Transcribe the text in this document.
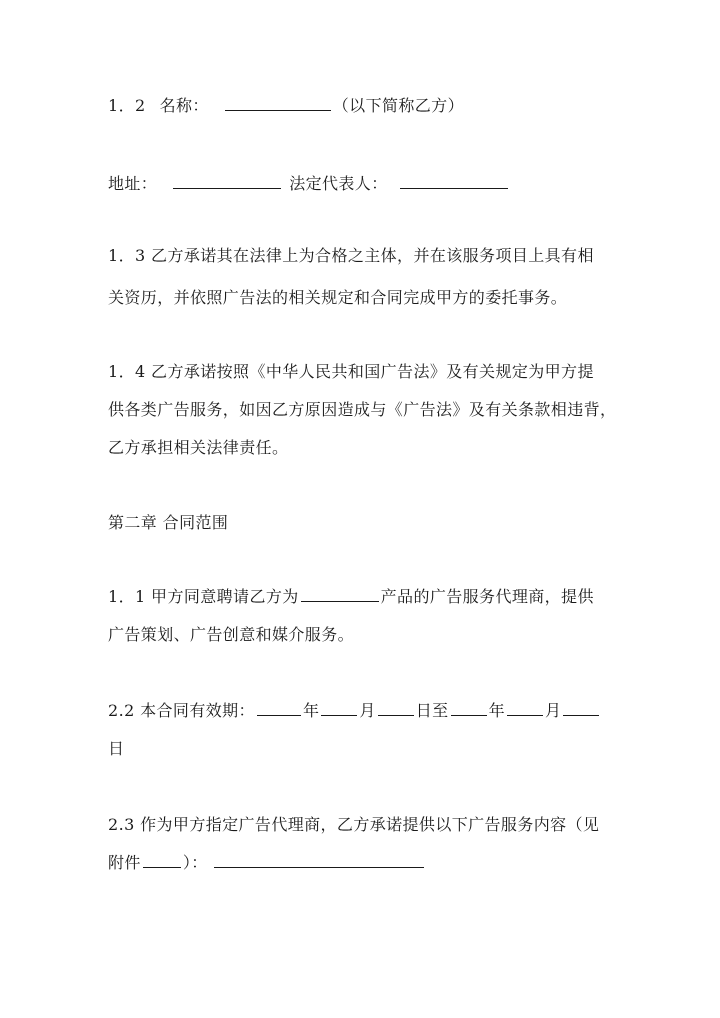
1．2 名称：	（以下简称乙方）
地址：	法定代表人：
1．3 乙方承诺其在法律上为合格之主体，并在该服务项目上具有相
关资历，并依照广告法的相关规定和合同完成甲方的委托事务。
1．4 乙方承诺按照《中华人民共和国广告法》及有关规定为甲方提
供各类广告服务，如因乙方原因造成与《广告法》及有关条款相违背，
乙方承担相关法律责任。
第二章 合同范围
1．1 甲方同意聘请乙方为	产品的广告服务代理商，提供
广告策划、广告创意和媒介服务。
2.2 本合同有效期：	年	月	日至	年	月
日
2.3 作为甲方指定广告代理商，乙方承诺提供以下广告服务内容（见
附件	）：
